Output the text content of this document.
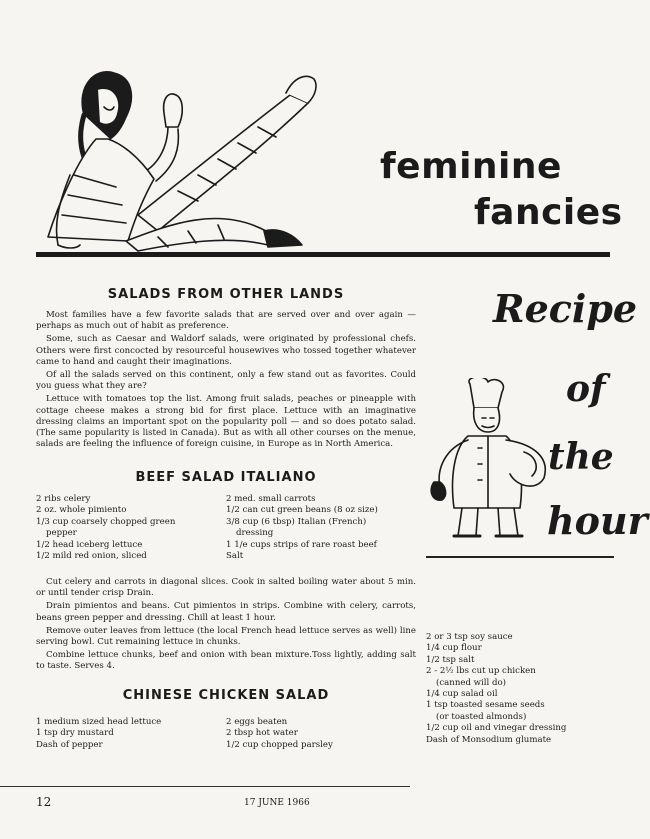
feminine
fancies
Recipe
of
the
hour
SALADS FROM OTHER LANDS

Most families have a few favorite salads that are served over and over again — perhaps as much out of habit as preference.

Some, such as Caesar and Waldorf salads, were originated by professional chefs. Others were first concocted by resourceful housewives who tossed together whatever came to hand and caught their imaginations.

Of all the salads served on this continent, only a few stand out as favorites. Could you guess what they are?

Lettuce with tomatoes top the list. Among fruit salads, peaches or pineapple with cottage cheese makes a strong bid for first place. Lettuce with an imaginative dressing claims an important spot on the popularity poll — and so does potato salad. (The same popularity is listed in Canada). But as with all other courses on the menue, salads are feeling the influence of foreign cuisine, in Europe as in North America.

BEEF SALAD ITALIANO
2 ribs celery
2 oz. whole pimiento
1/3 cup coarsely chopped green
pepper
1/2 head iceberg lettuce
1/2 mild red onion, sliced
2 med. small carrots
1/2 can cut green beans (8 oz size)
3/8 cup (6 tbsp) Italian (French)
dressing
1 1/e cups strips of rare roast beef
Salt

Cut celery and carrots in diagonal slices. Cook in salted boiling water about 5 min. or until tender crisp Drain.

Drain pimientos and beans. Cut pimientos in strips. Combine with celery, carrots, beans green pepper and dressing. Chill at least 1 hour.

Remove outer leaves from lettuce (the local French head lettuce serves as well) line serving bowl. Cut remaining lettuce in chunks.

Combine lettuce chunks, beef and onion with bean mixture.Toss lightly, adding salt to taste. Serves 4.

CHINESE CHICKEN SALAD
1 medium sized head lettuce
1 tsp dry mustard
Dash of pepper
2 eggs beaten
2 tbsp hot water
1/2 cup chopped parsley
2 or 3 tsp soy sauce
1/4 cup flour
1/2 tsp salt
2 - 2½ lbs cut up chicken
(canned will do)
1/4 cup salad oil
1 tsp toasted sesame seeds
(or toasted almonds)
1/2 cup oil and vinegar dressing
Dash of Monsodium glumate
12	17 JUNE 1966
